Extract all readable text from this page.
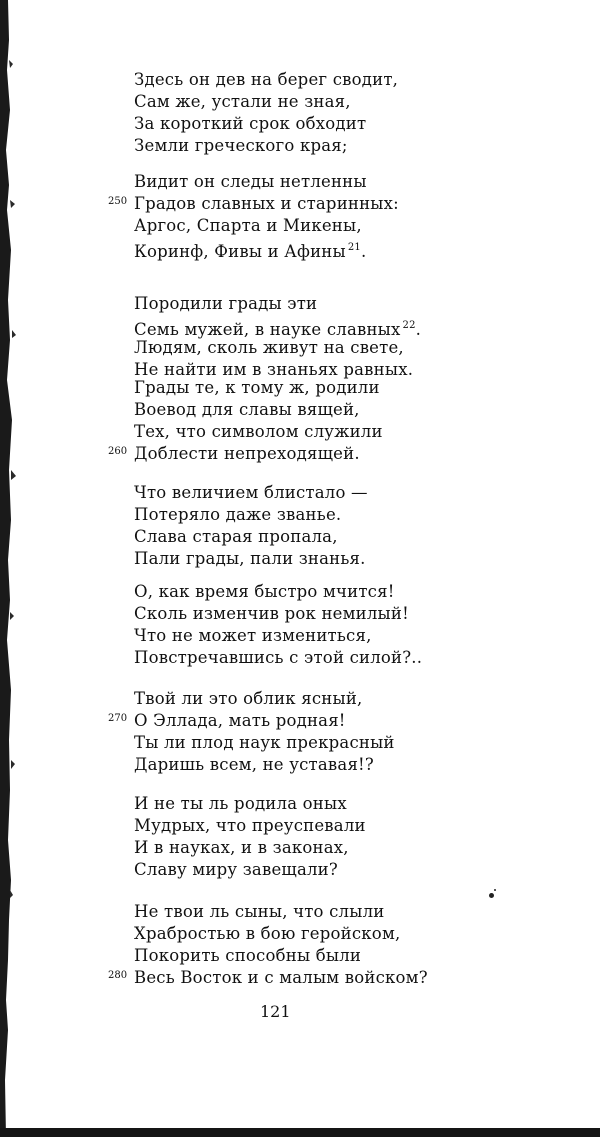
Здесь он дев на берег сводит,
Сам же, устали не зная,
За короткий срок обходит
Земли греческого края;
Видит он следы нетленны
Градов славных и старинных:
250
Аргос, Спарта и Микены,
Коринф, Фивы и Афины $^{21}$.
Породили грады эти
Семь мужей, в науке славных $^{22}$.
Людям, сколь живут на свете,
Не найти им в знаньях равных.
Грады те, к тому ж, родили
Воевод для славы вящей,
Тех, что символом служили
Доблести непреходящей.
260
Что величием блистало —
Потеряло даже званье.
Слава старая пропала,
Пали грады, пали знанья.
О, как время быстро мчится!
Сколь изменчив рок немилый!
Что не может измениться,
Повстречавшись с этой силой?..
Твой ли это облик ясный,
О Эллада, мать родная!
270
Ты ли плод наук прекрасный
Даришь всем, не уставая!?
И не ты ль родила оных
Мудрых, что преуспевали
И в науках, и в законах,
Славу миру завещали?
Не твои ль сыны, что слыли
Храбростью в бою геройском,
Покорить способны были
Весь Восток и с малым войском?
280
121
